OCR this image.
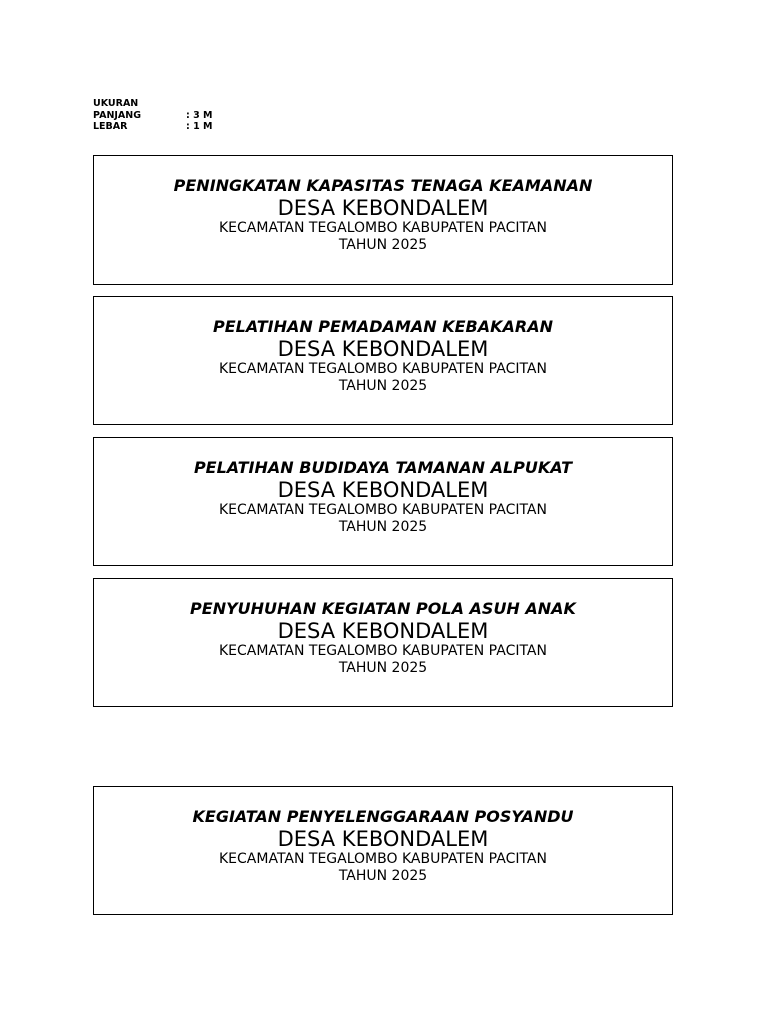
UKURAN
PANJANG	: 3 M
LEBAR	: 1 M
PENINGKATAN KAPASITAS TENAGA KEAMANAN
DESA KEBONDALEM
KECAMATAN TEGALOMBO KABUPATEN PACITAN
TAHUN 2025
PELATIHAN PEMADAMAN KEBAKARAN
DESA KEBONDALEM
KECAMATAN TEGALOMBO KABUPATEN PACITAN
TAHUN 2025
PELATIHAN BUDIDAYA TAMANAN ALPUKAT
DESA KEBONDALEM
KECAMATAN TEGALOMBO KABUPATEN PACITAN
TAHUN 2025
PENYUHUHAN KEGIATAN POLA ASUH ANAK
DESA KEBONDALEM
KECAMATAN TEGALOMBO KABUPATEN PACITAN
TAHUN 2025
KEGIATAN PENYELENGGARAAN POSYANDU
DESA KEBONDALEM
KECAMATAN TEGALOMBO KABUPATEN PACITAN
TAHUN 2025
